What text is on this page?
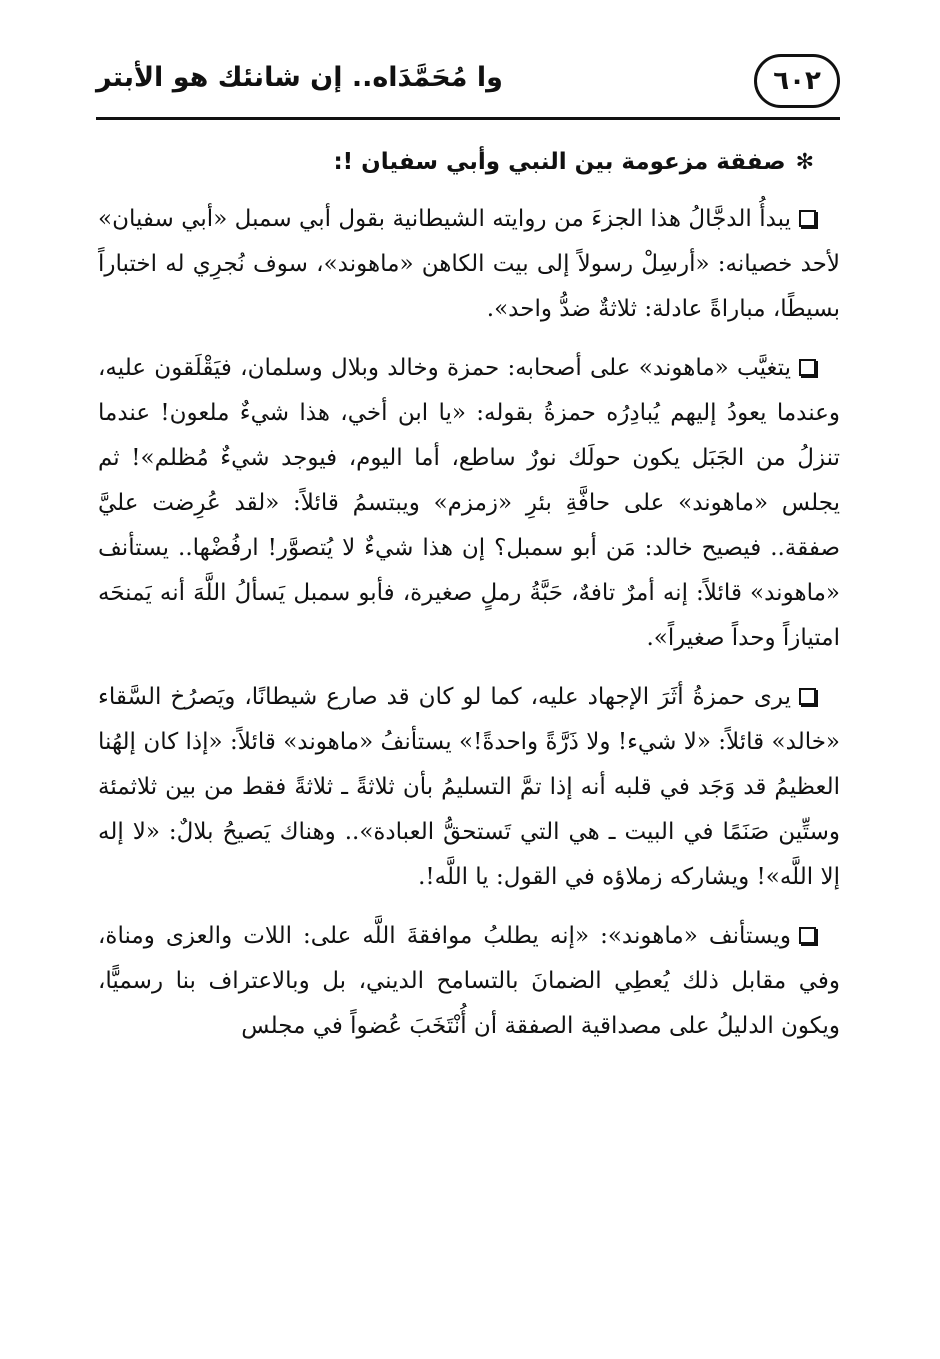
٦٠٢
وا مُحَمَّدَاه.. إن شانئك هو الأبتر
✻
صفقة مزعومة بين النبي وأبي سفيان !:

يبدأُ الدجَّالُ هذا الجزءَ من روايته الشيطانية بقول أبي سمبل «أبي سفيان» لأحد خصيانه: «أرسِلْ رسولاً إلى بيت الكاهن «ماهوند»، سوف نُجرِي له اختباراً بسيطًا، مباراةً عادلة: ثلاثةٌ ضدُّ واحد».

يتغيَّب «ماهوند» على أصحابه: حمزة وخالد وبلال وسلمان، فيَقْلَقون عليه، وعندما يعودُ إليهم يُبادِرُه حمزةُ بقوله: «يا ابن أخي، هذا شيءٌ ملعون! عندما تنزلُ من الجَبَل يكون حولَك نورٌ ساطع، أما اليوم، فيوجد شيءٌ مُظلم»! ثم يجلس «ماهوند» على حافَّةِ بئرِ «زمزم» ويبتسمُ قائلاً: «لقد عُرِضت عليَّ صفقة.. فيصيح خالد: مَن أبو سمبل؟ إن هذا شيءٌ لا يُتصوَّر! ارفُضْها.. يستأنف «ماهوند» قائلاً: إنه أمرٌ تافهٌ، حَبَّةُ رملٍ صغيرة، فأبو سمبل يَسألُ اللَّهَ أنه يَمنحَه امتيازاً وحداً صغيراً».

يرى حمزةُ أثَرَ الإجهاد عليه، كما لو كان قد صارع شيطانًا، ويَصرُخ السَّقاء «خالد» قائلاً: «لا شيء! ولا ذَرَّةً واحدةً!» يستأنفُ «ماهوند» قائلاً: «إذا كان إلهُنا العظيمُ قد وَجَد في قلبه أنه إذا تمَّ التسليمُ بأن ثلاثةً ـ ثلاثةً فقط من بين ثلاثمئة وستِّين صَنَمًا في البيت ـ هي التي تَستحقُّ العبادة».. وهناك يَصيحُ بلالٌ: «لا إله إلا اللَّه»! ويشاركه زملاؤه في القول: يا اللَّه!.

ويستأنف «ماهوند»: «إنه يطلبُ موافقةَ اللَّه على: اللات والعزى ومناة، وفي مقابل ذلك يُعطِي الضمانَ بالتسامح الديني، بل وبالاعتراف بنا رسميًّا، ويكون الدليلُ على مصداقية الصفقة أن أُنْتَخَبَ عُضواً في مجلس
